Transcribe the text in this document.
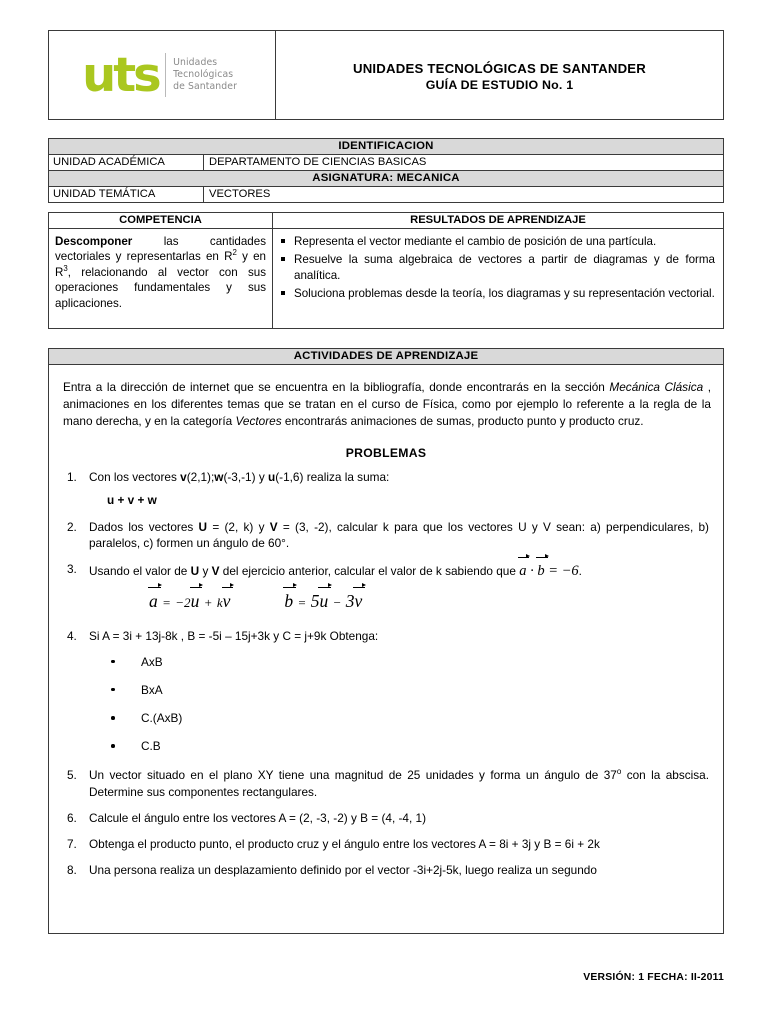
uts	Unidades
Tecnológicas
de Santander
UNIDADES TECNOLÓGICAS DE SANTANDER
GUÍA DE ESTUDIO No. 1
IDENTIFICACION
UNIDAD ACADÉMICA	DEPARTAMENTO DE CIENCIAS BASICAS
ASIGNATURA: MECANICA
UNIDAD TEMÁTICA	VECTORES
COMPETENCIA	RESULTADOS DE APRENDIZAJE
Descomponer las cantidades vectoriales y representarlas en $R^2$ y en $R^3$, relacionando al vector con sus operaciones fundamentales y sus aplicaciones.
Representa el vector mediante el cambio de posición de una partícula.
Resuelve la suma algebraica de vectores a partir de diagramas y de forma analítica.
Soluciona problemas desde la teoría, los diagramas y su representación vectorial.
ACTIVIDADES DE APRENDIZAJE
Entra a la dirección de internet que se encuentra en la bibliografía, donde encontrarás en la sección Mecánica Clásica , animaciones en los diferentes temas que se tratan en el curso de Física, como por ejemplo lo referente a la regla de la mano derecha, y en la categoría Vectores encontrarás animaciones de sumas, producto punto y producto cruz.
PROBLEMAS
1.	Con los vectores v(2,1);w(-3,-1) y u(-1,6) realiza la suma:
u + v + w
2.	Dados los vectores U = (2, k) y V = (3, -2), calcular k para que los vectores U y V sean: a) perpendiculares, b) paralelos, c) formen un ángulo de 60°.
3.	Usando el valor de U y V del ejercicio anterior, calcular el valor de k sabiendo que a · b = −6.
a = −2u + kv	b = 5u − 3v
4.	Si A = 3i + 13j-8k , B = -5i – 15j+3k y C = j+9k Obtenga:
AxB
BxA
C.(AxB)
C.B
5.	Un vector situado en el plano XY tiene una magnitud de 25 unidades y forma un ángulo de 37$^o$ con la abscisa. Determine sus componentes rectangulares.
6.	Calcule el ángulo entre los vectores A = (2, -3, -2) y B = (4, -4, 1)
7.	Obtenga el producto punto, el producto cruz y el ángulo entre los vectores A = 8i + 3j y B = 6i + 2k
8.	Una persona realiza un desplazamiento definido por el vector -3i+2j-5k, luego realiza un segundo
VERSIÓN: 1 FECHA: II-2011
